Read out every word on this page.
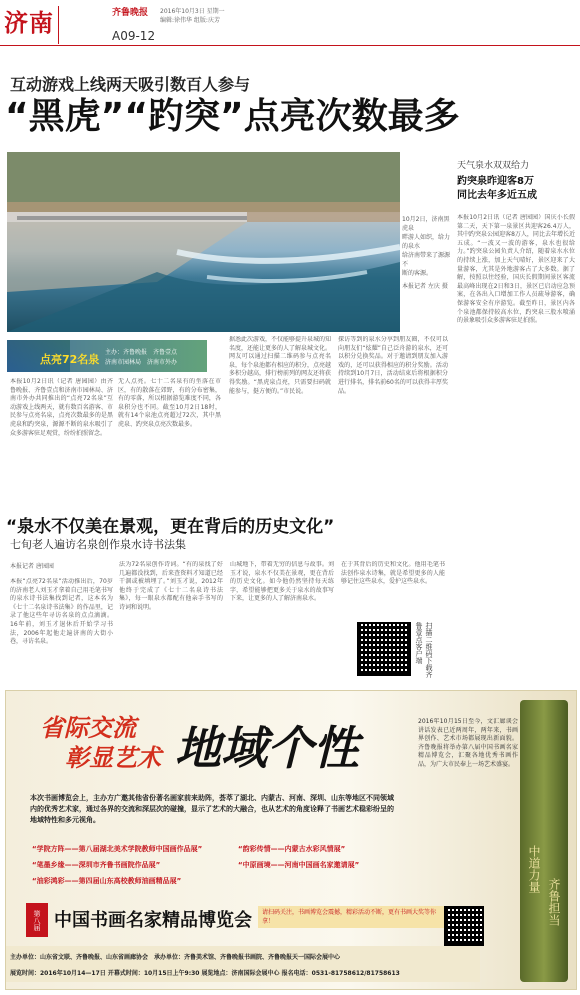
济南	齐鲁晚报 2016年10月3日 星期一
编辑:徐伟华 组版:庆芳
A09-12
互动游戏上线两天吸引数百人参与
“黑虎”“趵突”点亮次数最多
10月2日，济南黑虎泉
畔游人如织，给力的泉水
给济南带来了源源不
断的客源。
本报记者 左庆 摄
天气泉水双双给力
趵突泉昨迎客8万
同比去年多近五成
本报10月2日讯（记者 唐园园）国庆小长假第二天，天下第一泉景区共迎客26.4万人，其中趵突泉公园迎客8万人，同比去年增长近五成。“一波又一波的游客，泉水也很给力。”趵突泉公园负责人介绍，随着泉水水位的持续上涨，加上天气晴好，景区迎来了大量游客，尤其是外地游客占了大多数。据了解，按照以往经验，国庆长假期间景区客流最高峰出现在2日和3日，景区已启动应急预案，在各出入口增加工作人员疏导游客，确保游客安全有序游览。截至昨日，景区内各个泉池都保持较高水位，趵突泉三股水喷涌的景象吸引众多游客驻足拍照。
点亮72名泉
主办：齐鲁晚报　齐鲁壹点
济南市园林局　济南市外办
本报10月2日讯（记者 唐园园）由齐鲁晚报、齐鲁壹点和济南市园林局、济南市外办共同推出的“点亮72名泉”互动游戏上线两天，就有数百名游客、市民参与点亮名泉，点亮次数最多的是黑虎泉和趵突泉，源源不断的泉水吸引了众多游客驻足观赏，纷纷拍照留念。
无人点亮。七十二名泉有的坐落在市区，有的散落在郊野，有的分布密集，有的零落，所以根据游览难度不同，各泉积分也不同。截至10月2日18时，就有14个泉池点亮超过72次，其中黑虎泉、趵突泉点亮次数最多。
据悉此次游戏，不仅能够提升泉城的知名度，还能让更多的人了解泉城文化。网友可以通过扫描二维码参与点亮名泉，每个泉池都有相应的积分，点亮越多积分越高，排行榜前列的网友还将获得奖励。“黑虎泉点亮，只需要扫码就能参与，挺方便的。”市民说。
探访等到的泉水分享到朋友圈，不仅可以向朋友们“炫耀”自己泛舟游的泉水，还可以积分兑换奖品。对于邀请到朋友加入游戏的，还可以获得相应的积分奖励。活动持续到10月7日，活动结束后将根据积分进行排名，排名前60名的可以获得丰厚奖品。
“泉水不仅美在景观，更在背后的历史文化”
七旬老人遍访名泉创作泉水诗书法集
本报记者 唐园园
本报“点亮72名泉”活动推出后，70岁的济南老人刘玉才拿着自己用毛笔书写的泉水诗书法集找到记者，这本名为《七十二名泉诗书法集》的作品里，记录了他这些年寻访名泉的点点滴滴。16年前，刘玉才退休后开始学习书法，2006年起他走遍济南的大街小巷，寻访名泉。
法为72名泉创作诗词。“有的泉找了好几遍都没找到，后来查资料才知道已经干涸或被填埋了。”刘玉才说，2012年他终于完成了《七十二名泉诗书法集》，每一眼泉水都配有他亲手书写的诗词和说明。
山城地下，带着无穷的信息与故事。刘玉才说，泉水不仅美在景观，更在背后的历史文化。如今他仍然坚持每天练字，希望能够把更多关于泉水的故事写下来，让更多的人了解济南泉水。
在于其背后的历史和文化。他用毛笔书法创作泉水诗集，就是希望更多的人能够记住这些泉水，爱护这些泉水。
扫描二维码下载齐鲁壹点客户端
省际交流
彰显艺术 地域个性
本次书画博览会上，主办方广邀其他省份著名画家前来助阵，荟萃了湖北、内蒙古、河南、深圳、山东等地区不同领域内的优秀艺术家，通过各界的交流和深层次的碰撞，显示了艺术的大融合，也从艺术的角度诠释了书画艺术稳彩纷呈的地域特性和多元视角。
“学院方阵——第八届湖北美术学院教师中国画作品展”
“笔墨乡缘——深圳市齐鲁书画院作品展”
“油彩鸿彩——第四届山东高校教师油画精品展”
“韵彩传情——内蒙古水彩风情展”
“中原画境——河南中国画名家邀请展”
第八届 中国书画名家精品博览会	请扫码关注，书画博览会震撼，精彩活动不断，更有书画大奖等你拿！
主办单位：山东省文联、齐鲁晚报、山东省画廊协会　承办单位：齐鲁美术馆、齐鲁晚报书画院、齐鲁晚报天一国际会展中心
展览时间：2016年10月14—17日 开幕式时间：10月15日上午9:30 展览地点：济南国际会展中心 报名电话：0531-81758612/81758613
2016年10月15日至今，文汇廊谈会讲话发表已近两周年，两年来，书画界创作、艺术市场都展现出新面貌。齐鲁晚报将举办第八届中国书画名家精品博览会，汇聚各地优秀书画作品，为广大市民奉上一场艺术盛宴。
中道力量
齐鲁担当
